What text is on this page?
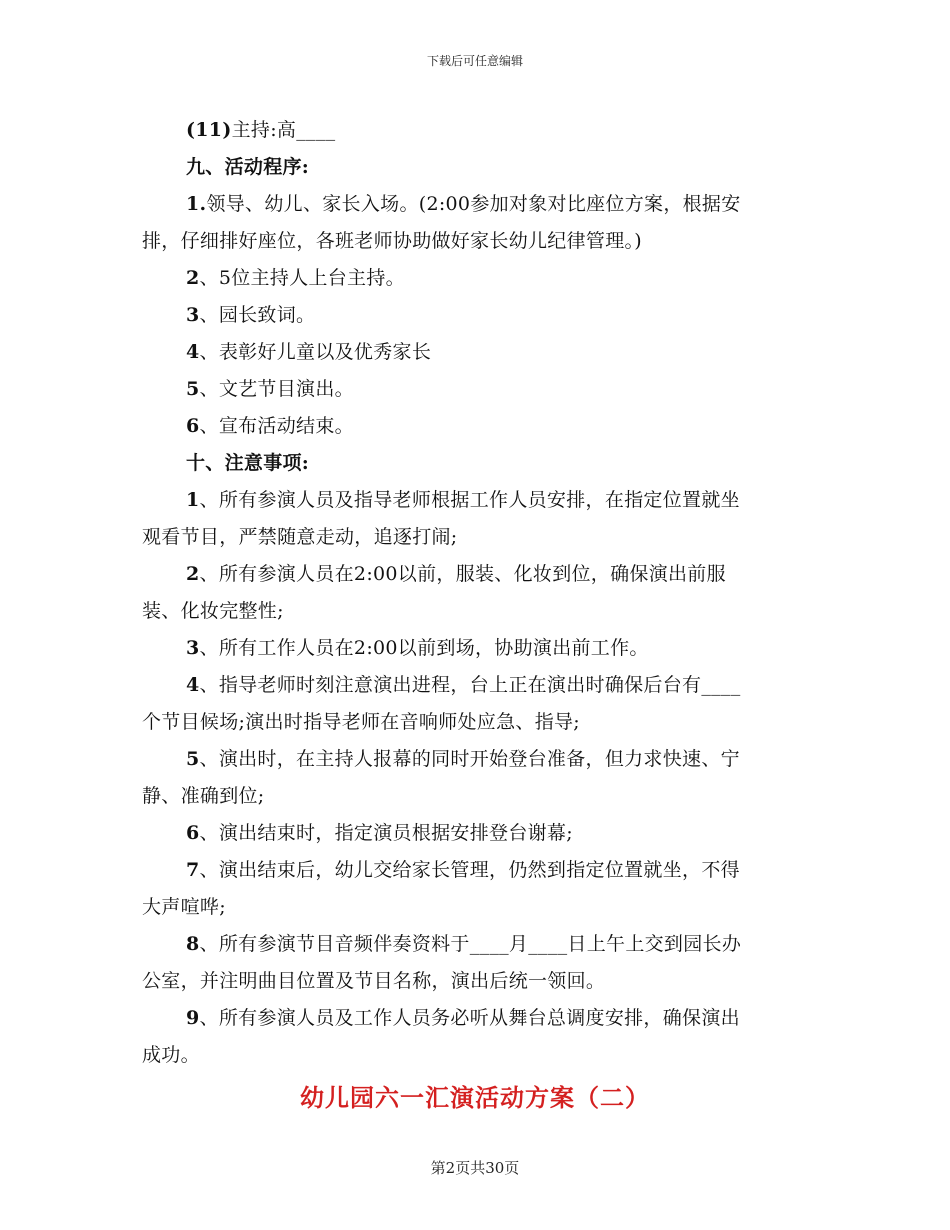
下载后可任意编辑
(11)主持:高____
九、活动程序:
1.领导、幼儿、家长入场。(2:00参加对象对比座位方案，根据安
排，仔细排好座位，各班老师协助做好家长幼儿纪律管理。)
2、5位主持人上台主持。
3、园长致词。
4、表彰好儿童以及优秀家长
5、文艺节目演出。
6、宣布活动结束。
十、注意事项:
1、所有参演人员及指导老师根据工作人员安排，在指定位置就坐
观看节目，严禁随意走动，追逐打闹;
2、所有参演人员在2:00以前，服装、化妆到位，确保演出前服
装、化妆完整性;
3、所有工作人员在2:00以前到场，协助演出前工作。
4、指导老师时刻注意演出进程，台上正在演出时确保后台有____
个节目候场;演出时指导老师在音响师处应急、指导;
5、演出时，在主持人报幕的同时开始登台准备，但力求快速、宁
静、准确到位;
6、演出结束时，指定演员根据安排登台谢幕;
7、演出结束后，幼儿交给家长管理，仍然到指定位置就坐，不得
大声喧哗;
8、所有参演节目音频伴奏资料于____月____日上午上交到园长办
公室，并注明曲目位置及节目名称，演出后统一领回。
9、所有参演人员及工作人员务必听从舞台总调度安排，确保演出
成功。
幼儿园六一汇演活动方案（二）
第2页共30页
